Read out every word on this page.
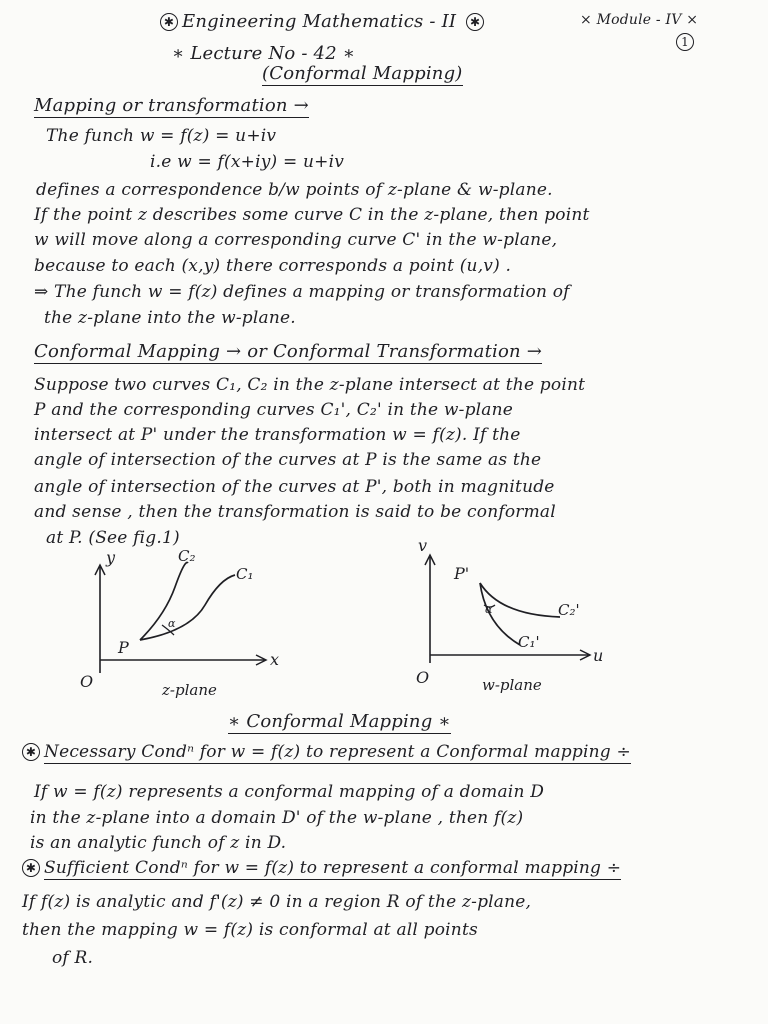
✱ Engineering Mathematics - II ✱	× Module - IV ×
∗ Lecture No - 42 ∗
1
(Conformal Mapping)
Mapping or transformation →
The funch w = f(z) = u+iv
i.e w = f(x+iy) = u+iv
defines a correspondence b/w points of z-plane & w-plane.
If the point z describes some curve C in the z-plane, then point
w will move along a corresponding curve C' in the w-plane,
because to each (x,y) there corresponds a point (u,v) .
⇒ The funch w = f(z) defines a mapping or transformation of
the z-plane into the w-plane.
Conformal Mapping → or Conformal Transformation →
Suppose two curves C₁, C₂ in the z-plane intersect at the point
P and the corresponding curves C₁', C₂' in the w-plane
intersect at P' under the transformation w = f(z). If the
angle of intersection of the curves at P is the same as the
angle of intersection of the curves at P', both in magnitude
and sense , then the transformation is said to be conformal
at P. (See fig.1)
y
x
O
P
C₁
C₂
α
z-plane
v
u
O
P'
C₁'
C₂'
α
w-plane
∗ Conformal Mapping ∗
✱ Necessary Condⁿ for w = f(z) to represent a Conformal mapping ÷
If w = f(z) represents a conformal mapping of a domain D
in the z-plane into a domain D' of the w-plane , then f(z)
is an analytic funch of z in D.
✱ Sufficient Condⁿ for w = f(z) to represent a conformal mapping ÷
If f(z) is analytic and f'(z) ≠ 0 in a region R of the z-plane,
then the mapping w = f(z) is conformal at all points
of R.
